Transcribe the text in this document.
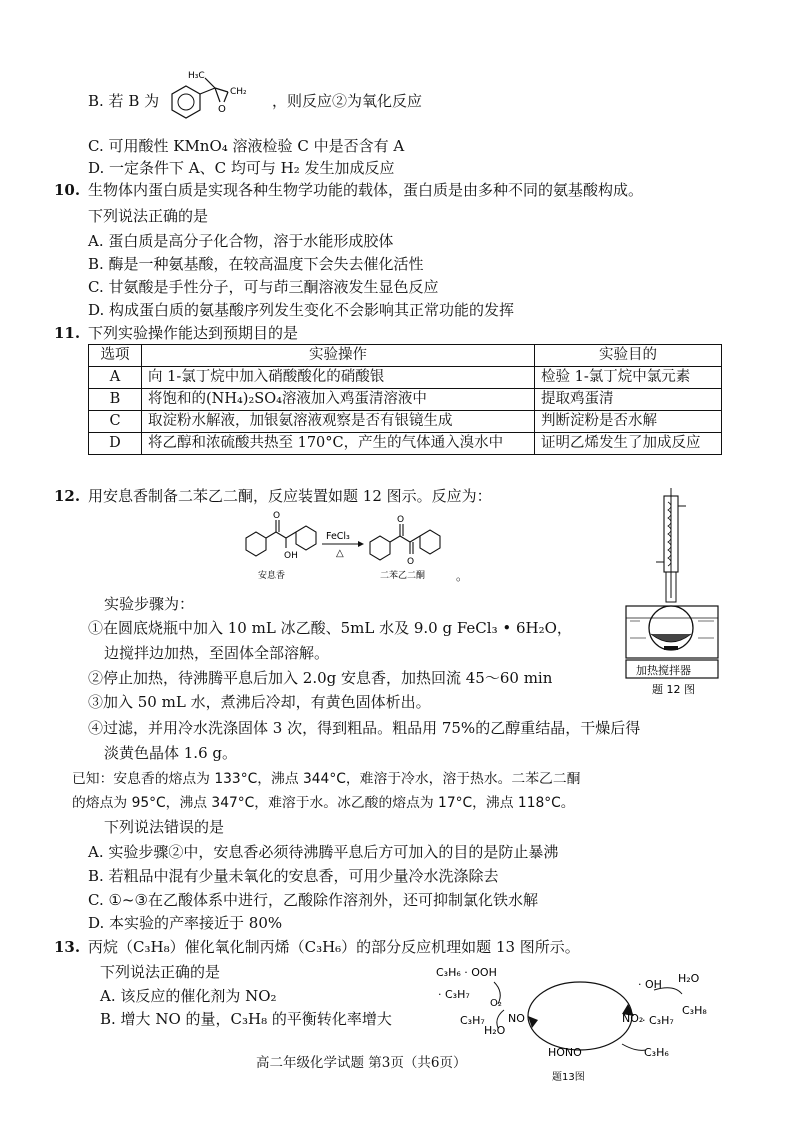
B. 若 B 为
H₃C
CH₂
O	，则反应②为氧化反应
C. 可用酸性 KMnO₄ 溶液检验 C 中是否含有 A
D. 一定条件下 A、C 均可与 H₂ 发生加成反应
10. 生物体内蛋白质是实现各种生物学功能的载体，蛋白质是由多种不同的氨基酸构成。
下列说法正确的是
A. 蛋白质是高分子化合物，溶于水能形成胶体
B. 酶是一种氨基酸，在较高温度下会失去催化活性
C. 甘氨酸是手性分子，可与茚三酮溶液发生显色反应
D. 构成蛋白质的氨基酸序列发生变化不会影响其正常功能的发挥
11. 下列实验操作能达到预期目的是
选项	实验操作	实验目的
A	向 1-氯丁烷中加入硝酸酸化的硝酸银	检验 1-氯丁烷中氯元素
B	将饱和的(NH₄)₂SO₄溶液加入鸡蛋清溶液中	提取鸡蛋清
C	取淀粉水解液，加银氨溶液观察是否有银镜生成	判断淀粉是否水解
D	将乙醇和浓硫酸共热至 170°C，产生的气体通入溴水中	证明乙烯发生了加成反应
12. 用安息香制备二苯乙二酮，反应装置如题 12 图示。反应为：
O
OH
安息香
FeCl₃
△
O
O
二苯乙二酮	。
实验步骤为：
①在圆底烧瓶中加入 10 mL 冰乙酸、5mL 水及 9.0 g FeCl₃ • 6H₂O，
边搅拌边加热，至固体全部溶解。
②停止加热，待沸腾平息后加入 2.0g 安息香，加热回流 45～60 min
③加入 50 mL 水，煮沸后冷却，有黄色固体析出。
④过滤，并用冷水洗涤固体 3 次，得到粗品。粗品用 75%的乙醇重结晶，干燥后得
淡黄色晶体 1.6 g。
已知：安息香的熔点为 133°C，沸点 344°C，难溶于冷水，溶于热水。二苯乙二酮
的熔点为 95°C，沸点 347°C，难溶于水。冰乙酸的熔点为 17°C，沸点 118°C。
下列说法错误的是
A. 实验步骤②中，安息香必须待沸腾平息后方可加入的目的是防止暴沸
B. 若粗品中混有少量未氧化的安息香，可用少量冷水洗涤除去
C. ①~③在乙酸体系中进行，乙酸除作溶剂外，还可抑制氯化铁水解
D. 本实验的产率接近于 80%
加热搅拌器
题 12 图
13. 丙烷（C₃H₈）催化氧化制丙烯（C₃H₆）的部分反应机理如题 13 图所示。
下列说法正确的是
A. 该反应的催化剂为 NO₂
B. 增大 NO 的量，C₃H₈ 的平衡转化率增大
C₃H₆ · OOH
· C₃H₇
O₂
C₃H₇
H₂O
NO	NO₂
· OH H₂O
· C₃H₇
C₃H₈
HONO	C₃H₆
题13图
高二年级化学试题 第3页（共6页）
